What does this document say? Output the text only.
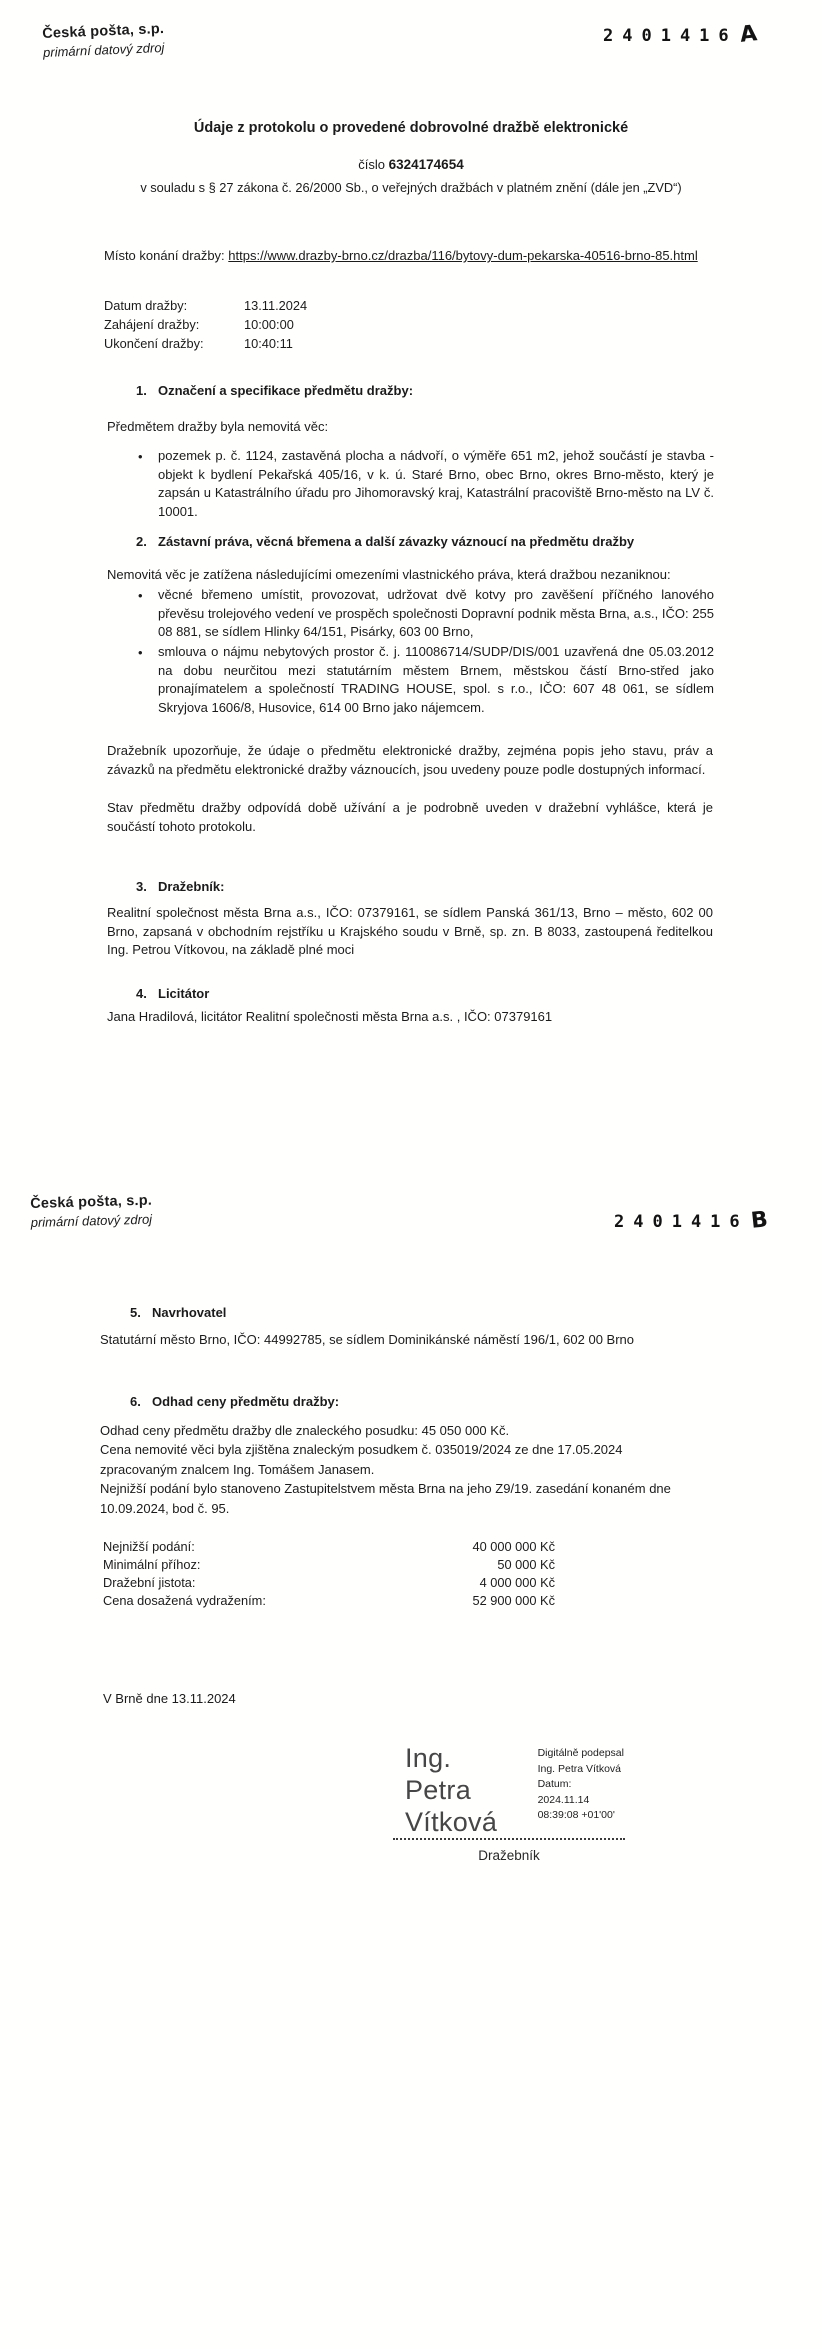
Česká pošta, s.p.
primární datový zdroj
2401416A
Údaje z protokolu o provedené dobrovolné dražbě elektronické
číslo 6324174654
v souladu s § 27 zákona č. 26/2000 Sb., o veřejných dražbách v platném znění (dále jen „ZVD“)
Místo konání dražby: https://www.drazby-brno.cz/drazba/116/bytovy-dum-pekarska-40516-brno-85.html
Datum dražby:	13.11.2024
Zahájení dražby:	10:00:00
Ukončení dražby:	10:40:11
1. Označení a specifikace předmětu dražby:
Předmětem dražby byla nemovitá věc:
•
pozemek p. č. 1124, zastavěná plocha a nádvoří, o výměře 651 m2, jehož součástí je stavba - objekt k bydlení Pekařská 405/16, v k. ú. Staré Brno, obec Brno, okres Brno-město, který je zapsán u Katastrálního úřadu pro Jihomoravský kraj, Katastrální pracoviště Brno-město na LV č. 10001.
2. Zástavní práva, věcná břemena a další závazky váznoucí na předmětu dražby
Nemovitá věc je zatížena následujícími omezeními vlastnického práva, která dražbou nezaniknou:
•
věcné břemeno umístit, provozovat, udržovat dvě kotvy pro zavěšení příčného lanového převěsu trolejového vedení ve prospěch společnosti Dopravní podnik města Brna, a.s., IČO: 255 08 881, se sídlem Hlinky 64/151, Pisárky, 603 00 Brno,
•
smlouva o nájmu nebytových prostor č. j. 110086714/SUDP/DIS/001 uzavřená dne 05.03.2012 na dobu neurčitou mezi statutárním městem Brnem, městskou částí Brno-střed jako pronajímatelem a společností TRADING HOUSE, spol. s r.o., IČO: 607 48 061, se sídlem Skryjova 1606/8, Husovice, 614 00 Brno jako nájemcem.
Dražebník upozorňuje, že údaje o předmětu elektronické dražby, zejména popis jeho stavu, práv a závazků na předmětu elektronické dražby váznoucích, jsou uvedeny pouze podle dostupných informací.
Stav předmětu dražby odpovídá době užívání a je podrobně uveden v dražební vyhlášce, která je součástí tohoto protokolu.
3. Dražebník:
Realitní společnost města Brna a.s., IČO: 07379161, se sídlem Panská 361/13, Brno – město, 602 00 Brno, zapsaná v obchodním rejstříku u Krajského soudu v Brně, sp. zn. B 8033, zastoupená ředitelkou Ing. Petrou Vítkovou, na základě plné moci
4. Licitátor
Jana Hradilová, licitátor Realitní společnosti města Brna a.s. , IČO: 07379161
Česká pošta, s.p.
primární datový zdroj	2401416B
5. Navrhovatel
Statutární město Brno, IČO: 44992785, se sídlem Dominikánské náměstí 196/1, 602 00 Brno
6. Odhad ceny předmětu dražby:
Odhad ceny předmětu dražby dle znaleckého posudku: 45 050 000 Kč.
Cena nemovité věci byla zjištěna znaleckým posudkem č. 035019/2024 ze dne 17.05.2024
zpracovaným znalcem Ing. Tomášem Janasem.
Nejnižší podání bylo stanoveno Zastupitelstvem města Brna na jeho Z9/19. zasedání konaném dne
10.09.2024, bod č. 95.
Nejnižší podání:	40 000 000 Kč
Minimální příhoz:	50 000 Kč
Dražební jistota:	4 000 000 Kč
Cena dosažená vydražením:	52 900 000 Kč
V Brně dne 13.11.2024
Ing. Petra
Vítková
Digitálně podepsal
Ing. Petra Vítková
Datum: 2024.11.14
08:39:08 +01'00'
Dražebník
